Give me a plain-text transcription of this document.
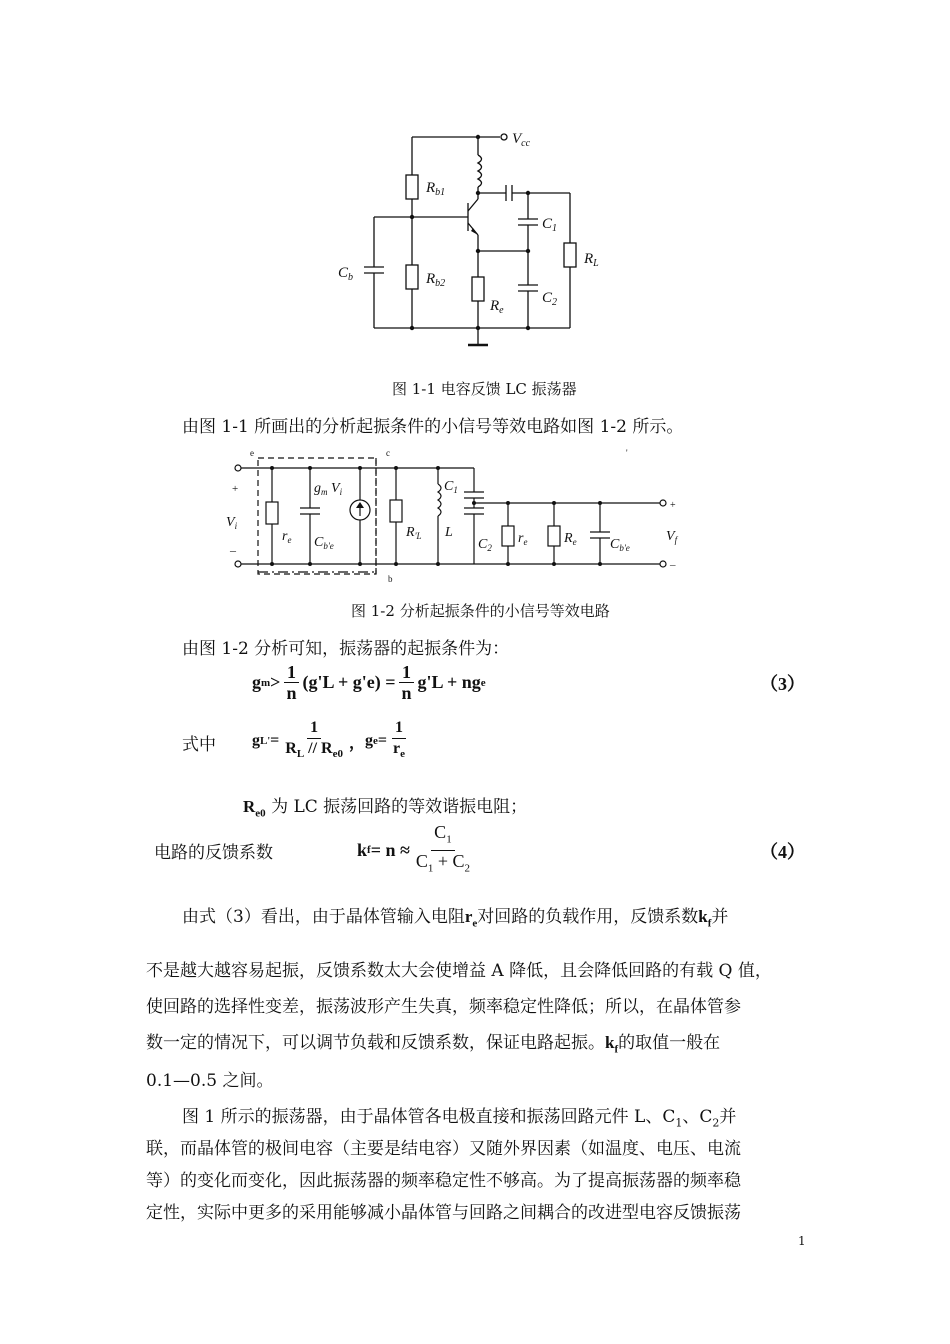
$V_{cc}$
$R_{b1}$
$R_{b2}$
$C_b$
$R_e$
$C_1$
$C_2$
$R_L$
图 1-1 电容反馈 LC 振荡器
由图 1-1 所画出的分析起振条件的小信号等效电路如图 1-2 所示。
e	c
b
+
–
$V_i$
$g_m$ $V_i$
$r_e$ $C_{b'e}$
$R_{'L}$ L
$C_1$
$C_2$
$r_e$	$R_e$ $C_{b'e}$
$V_f$
+
–
'
图 1-2 分析起振条件的小信号等效电路
由图 1-2 分析可知，振荡器的起振条件为：
g $m > \frac{1}{n} (g'L + g'e) = \frac{1}{n} g'L$ + ng e	（3）
式中 g L ' = $\frac{1}{R_L // R_{e0}}$ ， g $e = \frac{1}{r_e}$
$R_{e0}$ 为 LC 振荡回路的等效谐振电阻；
电路的反馈系数	k $f = n \approx \frac{C_1}{C_1 + C_2}$	（4）
由式（3）看出，由于晶体管输入电阻$r_e$对回路的负载作用，反馈系数$k_f$并
不是越大越容易起振，反馈系数太大会使增益 A 降低，且会降低回路的有载 Q 值，
使回路的选择性变差，振荡波形产生失真，频率稳定性降低；所以，在晶体管参
数一定的情况下，可以调节负载和反馈系数，保证电路起振。$k_f$的取值一般在
0.1—0.5 之间。
图 1 所示的振荡器，由于晶体管各电极直接和振荡回路元件 L、$C_1$、$C_2$并
联，而晶体管的极间电容（主要是结电容）又随外界因素（如温度、电压、电流
等）的变化而变化，因此振荡器的频率稳定性不够高。为了提高振荡器的频率稳
定性，实际中更多的采用能够减小晶体管与回路之间耦合的改进型电容反馈振荡
1
